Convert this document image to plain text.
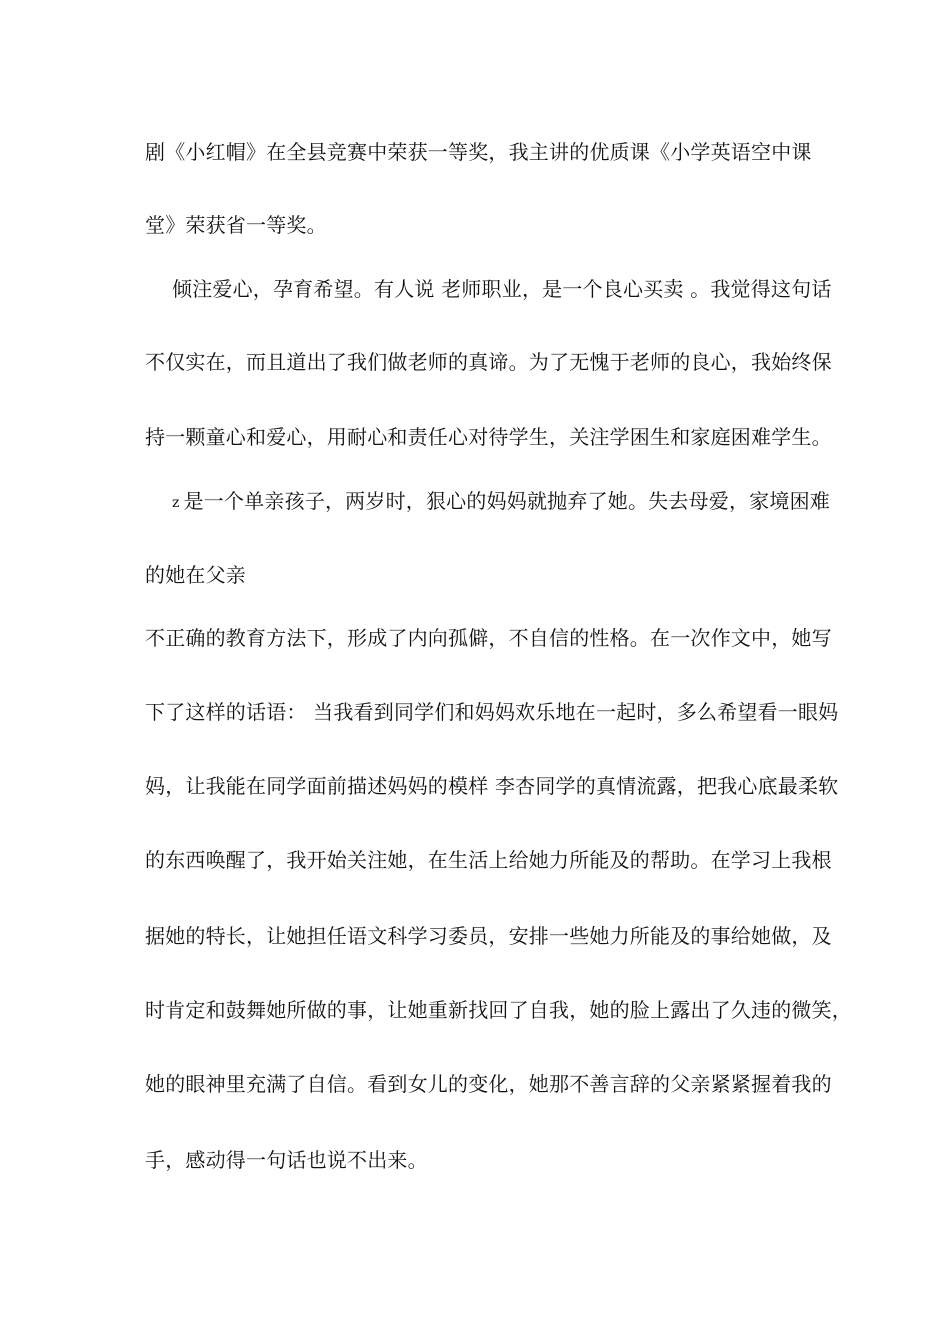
剧《小红帽》在全县竞赛中荣获一等奖，我主讲的优质课《小学英语空中课
堂》荣获省一等奖。
倾注爱心，孕育希望。有人说 老师职业，是一个良心买卖 。我觉得这句话
不仅实在，而且道出了我们做老师的真谛。为了无愧于老师的良心，我始终保
持一颗童心和爱心，用耐心和责任心对待学生，关注学困生和家庭困难学生。
z 是一个单亲孩子，两岁时，狠心的妈妈就抛弃了她。失去母爱，家境困难
的她在父亲
不正确的教育方法下，形成了内向孤僻，不自信的性格。在一次作文中，她写
下了这样的话语： 当我看到同学们和妈妈欢乐地在一起时，多么希望看一眼妈
妈，让我能在同学面前描述妈妈的模样 李杏同学的真情流露，把我心底最柔软
的东西唤醒了，我开始关注她，在生活上给她力所能及的帮助。在学习上我根
据她的特长，让她担任语文科学习委员，安排一些她力所能及的事给她做，及
时肯定和鼓舞她所做的事，让她重新找回了自我，她的脸上露出了久违的微笑，
她的眼神里充满了自信。看到女儿的变化，她那不善言辞的父亲紧紧握着我的
手，感动得一句话也说不出来。
